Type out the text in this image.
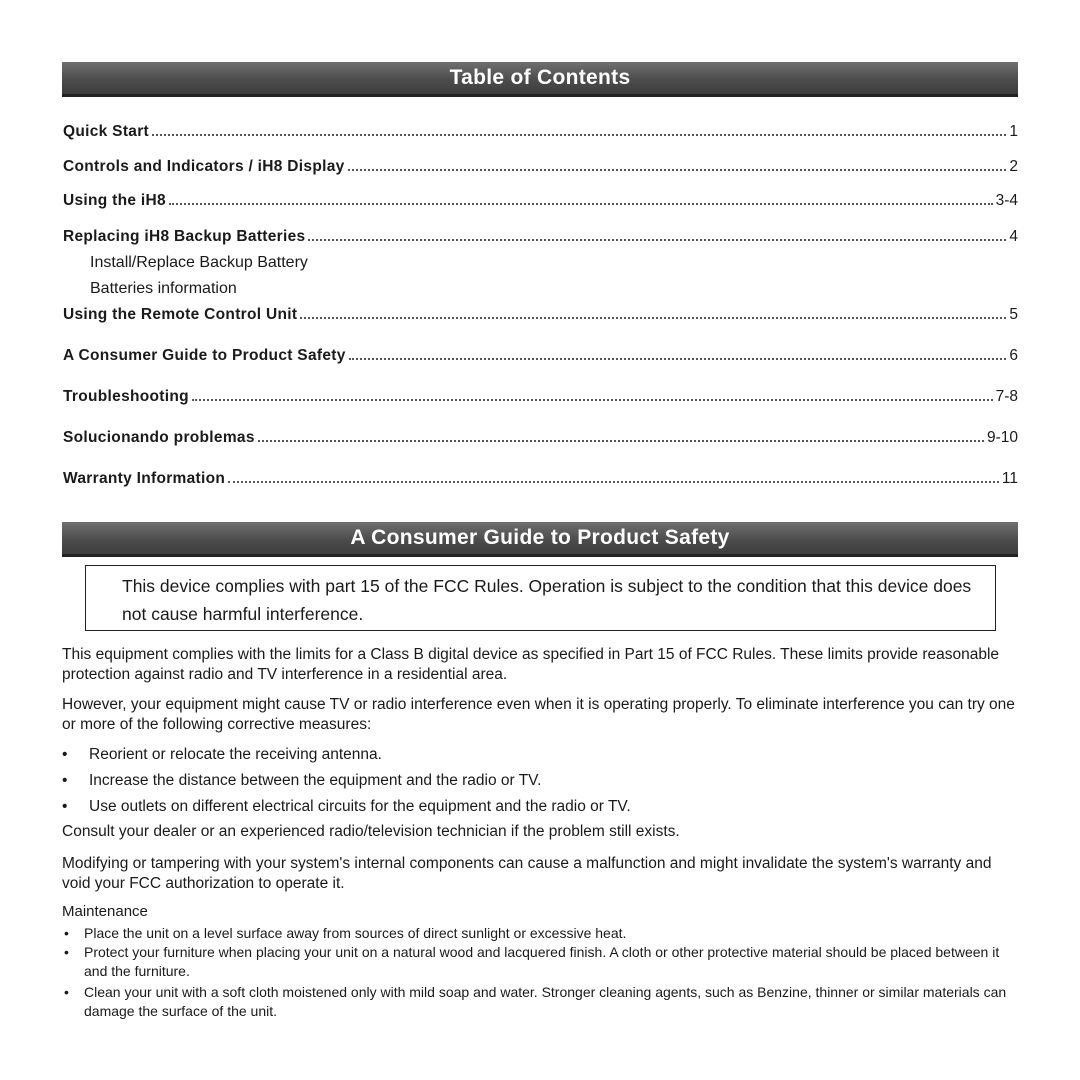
Table of Contents
Quick Start	1
Controls and Indicators / iH8 Display	2
Using the iH8	3-4
Replacing iH8 Backup Batteries	4
Install/Replace Backup Battery
Batteries information
Using the Remote Control Unit	5
A Consumer Guide to Product Safety	6
Troubleshooting	7-8
Solucionando problemas	9-10
Warranty Information	11
A Consumer Guide to Product Safety
This device complies with part 15 of the FCC Rules. Operation is subject to the condition that this device does not cause harmful interference.
This equipment complies with the limits for a Class B digital device as specified in Part 15 of FCC Rules. These limits provide reasonable protection against radio and TV interference in a residential area.
However, your equipment might cause TV or radio interference even when it is operating properly. To eliminate interference you can try one or more of the following corrective measures:
• Reorient or relocate the receiving antenna.
• Increase the distance between the equipment and the radio or TV.
• Use outlets on different electrical circuits for the equipment and the radio or TV.
Consult your dealer or an experienced radio/television technician if the problem still exists.
Modifying or tampering with your system's internal components can cause a malfunction and might invalidate the system's warranty and void your FCC authorization to operate it.
Maintenance
• Place the unit on a level surface away from sources of direct sunlight or excessive heat.
• Protect your furniture when placing your unit on a natural wood and lacquered finish. A cloth or other protective material should be placed between it and the furniture.
• Clean your unit with a soft cloth moistened only with mild soap and water. Stronger cleaning agents, such as Benzine, thinner or similar materials can damage the surface of the unit.
